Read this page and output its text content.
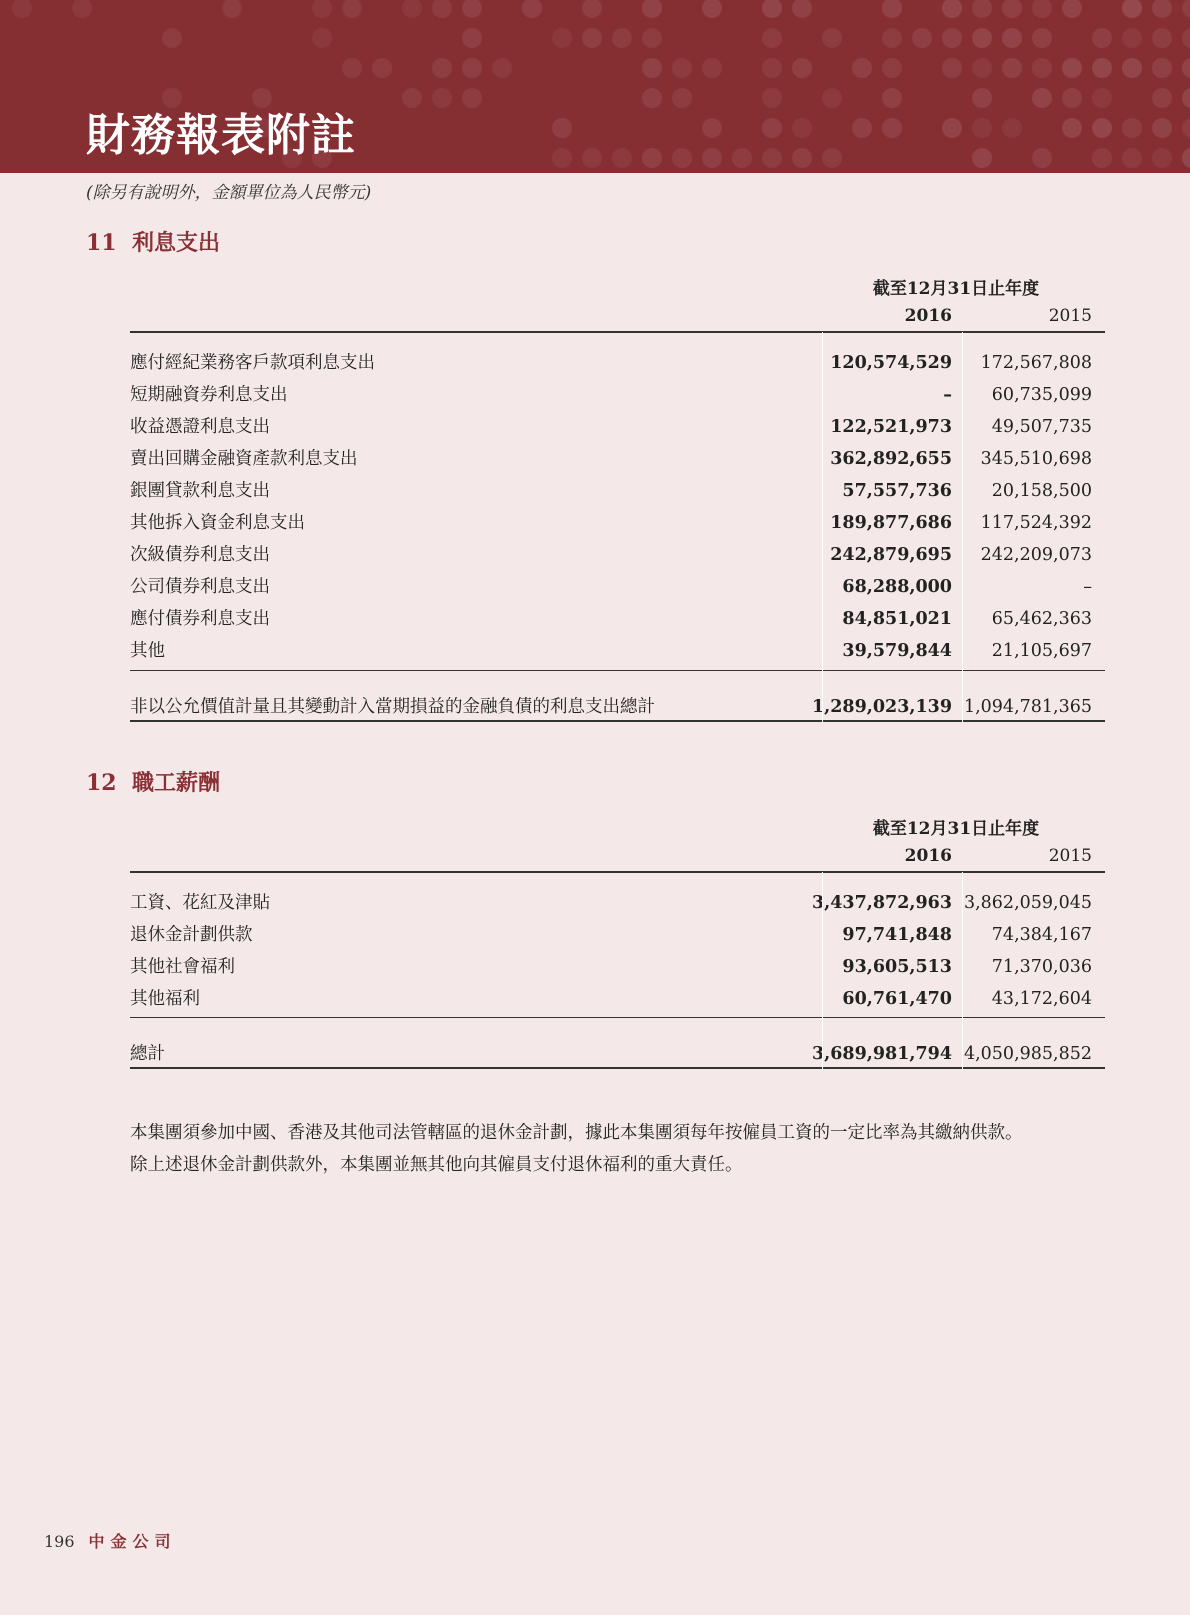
財務報表附註
(除另有說明外，金額單位為人民幣元)
11 利息支出
截至12月31日止年度
2016	2015
應付經紀業務客戶款項利息支出	120,574,529	172,567,808
短期融資券利息支出	–	60,735,099
收益憑證利息支出	122,521,973	49,507,735
賣出回購金融資產款利息支出	362,892,655	345,510,698
銀團貸款利息支出	57,557,736	20,158,500
其他拆入資金利息支出	189,877,686	117,524,392
次級債券利息支出	242,879,695	242,209,073
公司債券利息支出	68,288,000	–
應付債券利息支出	84,851,021	65,462,363
其他	39,579,844	21,105,697
非以公允價值計量且其變動計入當期損益的金融負債的利息支出總計	1,289,023,139 1,094,781,365
12 職工薪酬
截至12月31日止年度
2016	2015
工資、花紅及津貼	3,437,872,963 3,862,059,045
退休金計劃供款	97,741,848	74,384,167
其他社會福利	93,605,513	71,370,036
其他福利	60,761,470	43,172,604
總計	3,689,981,794 4,050,985,852

本集團須參加中國、香港及其他司法管轄區的退休金計劃，據此本集團須每年按僱員工資的一定比率為其繳納供款。

除上述退休金計劃供款外，本集團並無其他向其僱員支付退休福利的重大責任。

196 中金公司
